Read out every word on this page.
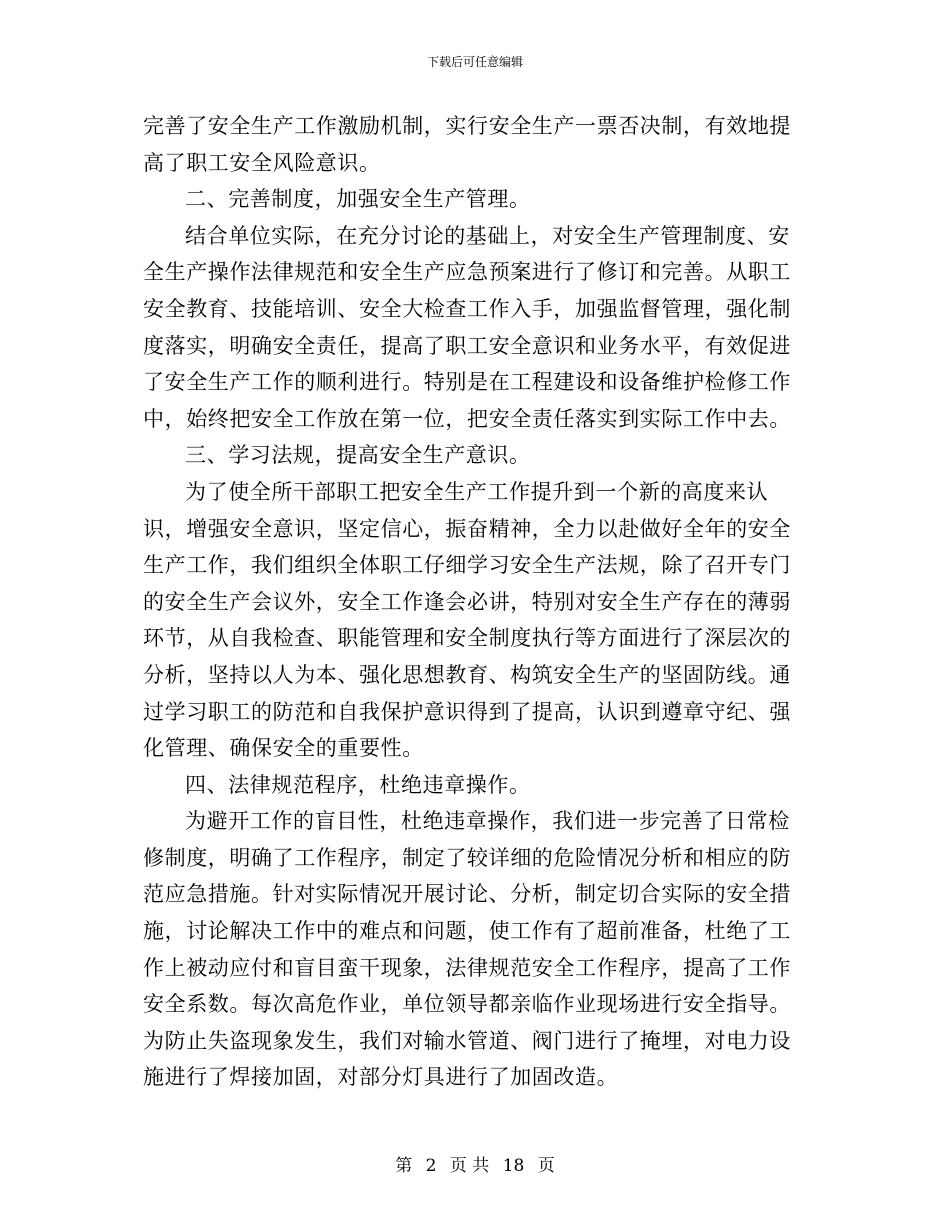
下载后可任意编辑

完善了安全生产工作激励机制，实行安全生产一票否决制，有效地提高了职工安全风险意识。

二、完善制度，加强安全生产管理。

结合单位实际，在充分讨论的基础上，对安全生产管理制度、安全生产操作法律规范和安全生产应急预案进行了修订和完善。从职工安全教育、技能培训、安全大检查工作入手，加强监督管理，强化制度落实，明确安全责任，提高了职工安全意识和业务水平，有效促进了安全生产工作的顺利进行。特别是在工程建设和设备维护检修工作中，始终把安全工作放在第一位，把安全责任落实到实际工作中去。

三、学习法规，提高安全生产意识。

为了使全所干部职工把安全生产工作提升到一个新的高度来认识，增强安全意识，坚定信心，振奋精神，全力以赴做好全年的安全生产工作，我们组织全体职工仔细学习安全生产法规，除了召开专门的安全生产会议外，安全工作逢会必讲，特别对安全生产存在的薄弱环节，从自我检查、职能管理和安全制度执行等方面进行了深层次的分析，坚持以人为本、强化思想教育、构筑安全生产的坚固防线。通过学习职工的防范和自我保护意识得到了提高，认识到遵章守纪、强化管理、确保安全的重要性。

四、法律规范程序，杜绝违章操作。

为避开工作的盲目性，杜绝违章操作，我们进一步完善了日常检修制度，明确了工作程序，制定了较详细的危险情况分析和相应的防范应急措施。针对实际情况开展讨论、分析，制定切合实际的安全措施，讨论解决工作中的难点和问题，使工作有了超前准备，杜绝了工作上被动应付和盲目蛮干现象，法律规范安全工作程序，提高了工作安全系数。每次高危作业，单位领导都亲临作业现场进行安全指导。为防止失盗现象发生，我们对输水管道、阀门进行了掩埋，对电力设施进行了焊接加固，对部分灯具进行了加固改造。

第 2 页 共 18 页
